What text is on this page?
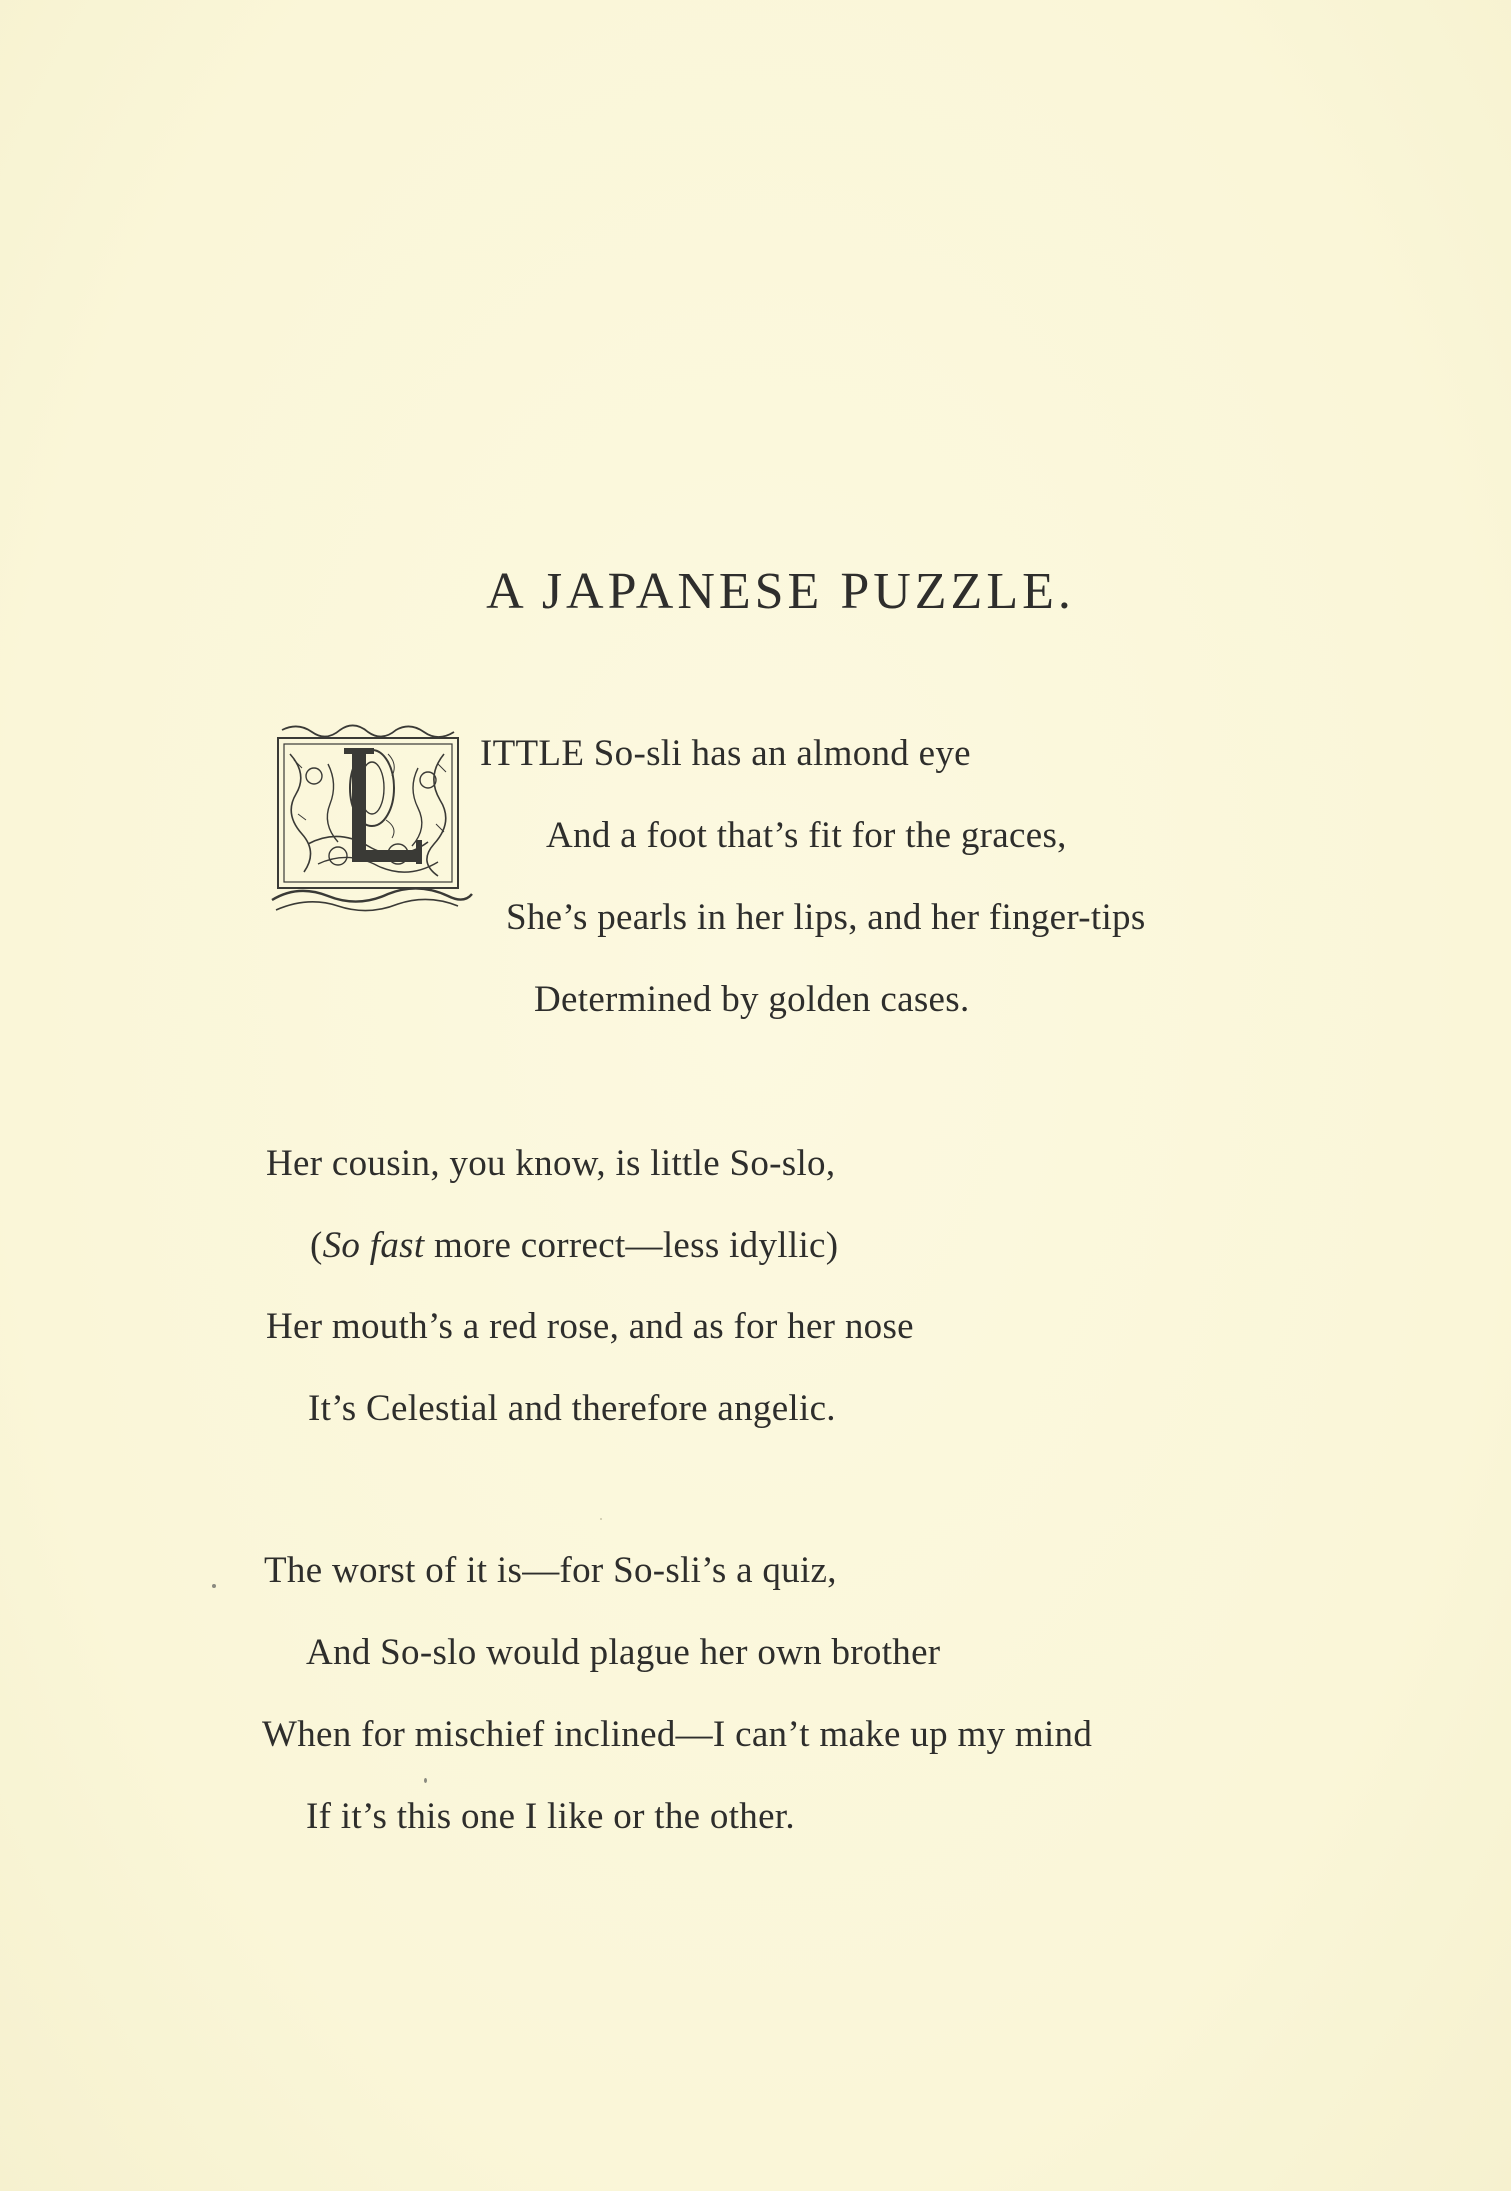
A JAPANESE PUZZLE.
ITTLE So-sli has an almond eye
And a foot that’s fit for the graces,
She’s pearls in her lips, and her finger-tips
Determined by golden cases.
Her cousin, you know, is little So-slo,
(So fast more correct—less idyllic)
Her mouth’s a red rose, and as for her nose
It’s Celestial and therefore angelic.
The worst of it is—for So-sli’s a quiz,
And So-slo would plague her own brother
When for mischief inclined—I can’t make up my mind
If it’s this one I like or the other.
